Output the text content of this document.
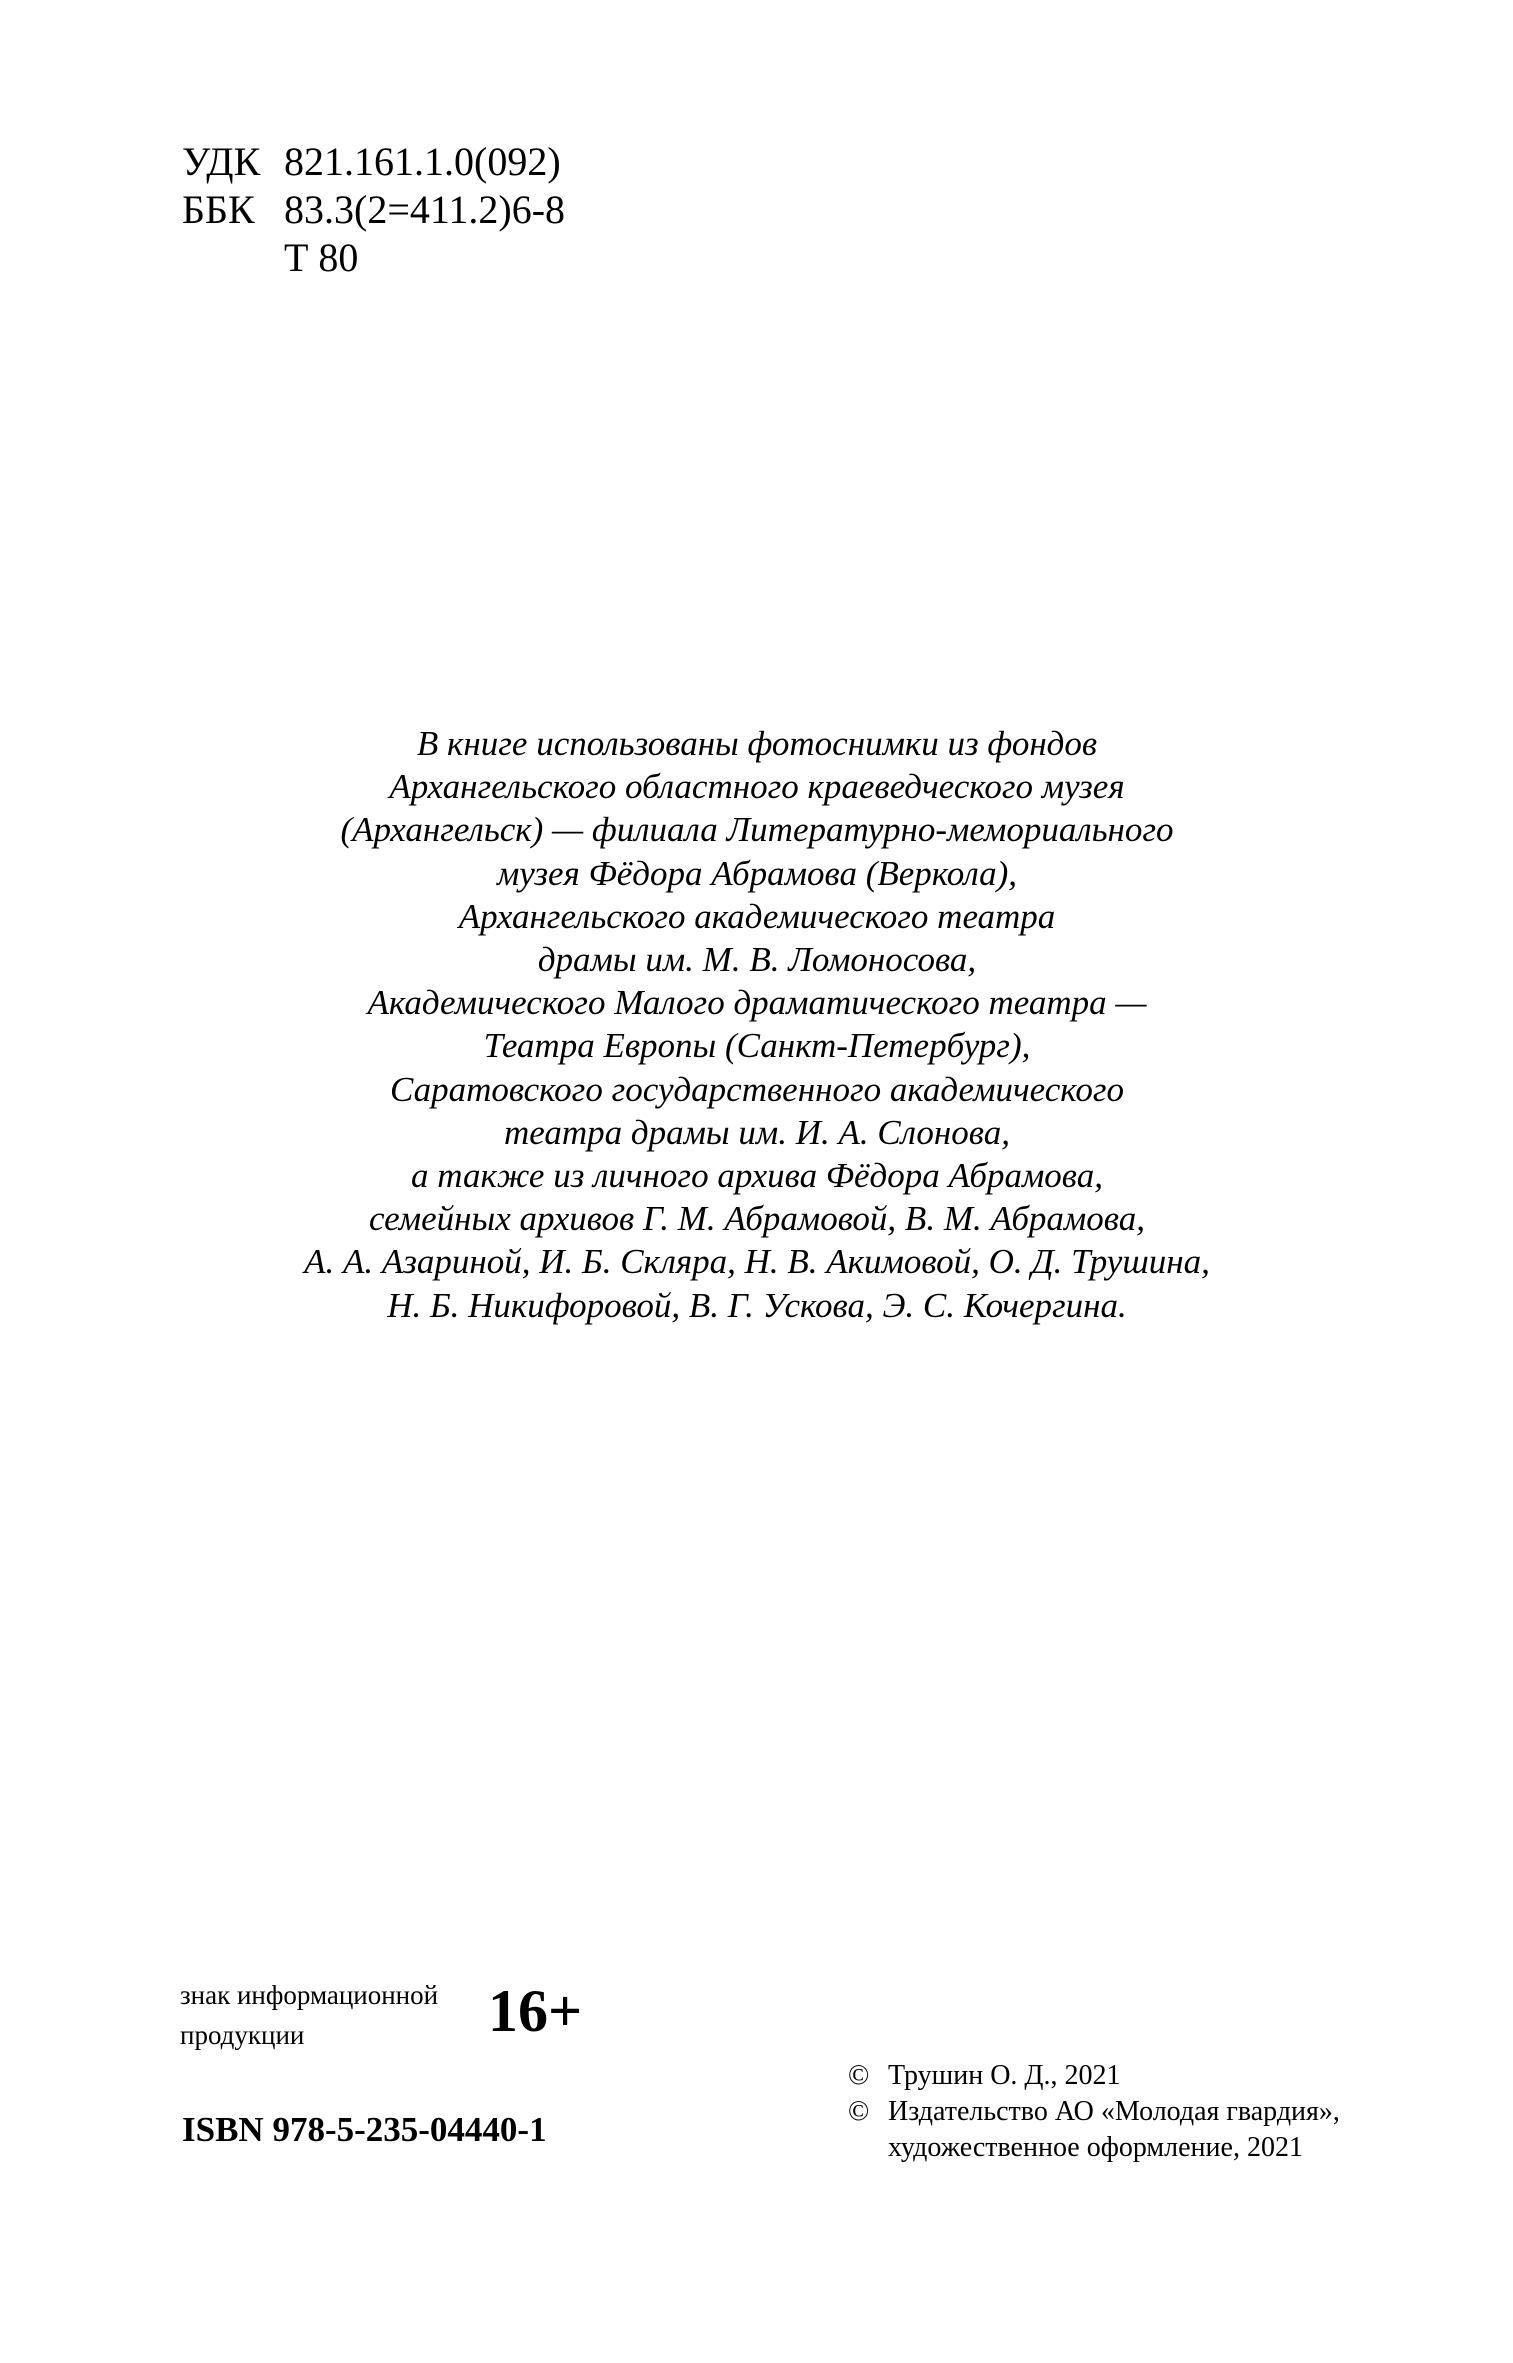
УДК 821.161.1.0(092)
ББК 83.3(2=411.2)6-8
Т 80
В книге использованы фотоснимки из фондов
Архангельского областного краеведческого музея
(Архангельск) — филиала Литературно-мемориального
музея Фёдора Абрамова (Веркола),
Архангельского академического театра
драмы им. М. В. Ломоносова,
Академического Малого драматического театра —
Театра Европы (Санкт-Петербург),
Саратовского государственного академического
театра драмы им. И. А. Слонова,
а также из личного архива Фёдора Абрамова,
семейных архивов Г. М. Абрамовой, В. М. Абрамова,
А. А. Азариной, И. Б. Скляра, Н. В. Акимовой, О. Д. Трушина,
Н. Б. Никифоровой, В. Г. Ускова, Э. С. Кочергина.
знак информационной
продукции	16+
© Трушин О. Д., 2021
© Издательство АО «Молодая гвардия»,
художественное оформление, 2021
ISBN 978-5-235-04440-1
